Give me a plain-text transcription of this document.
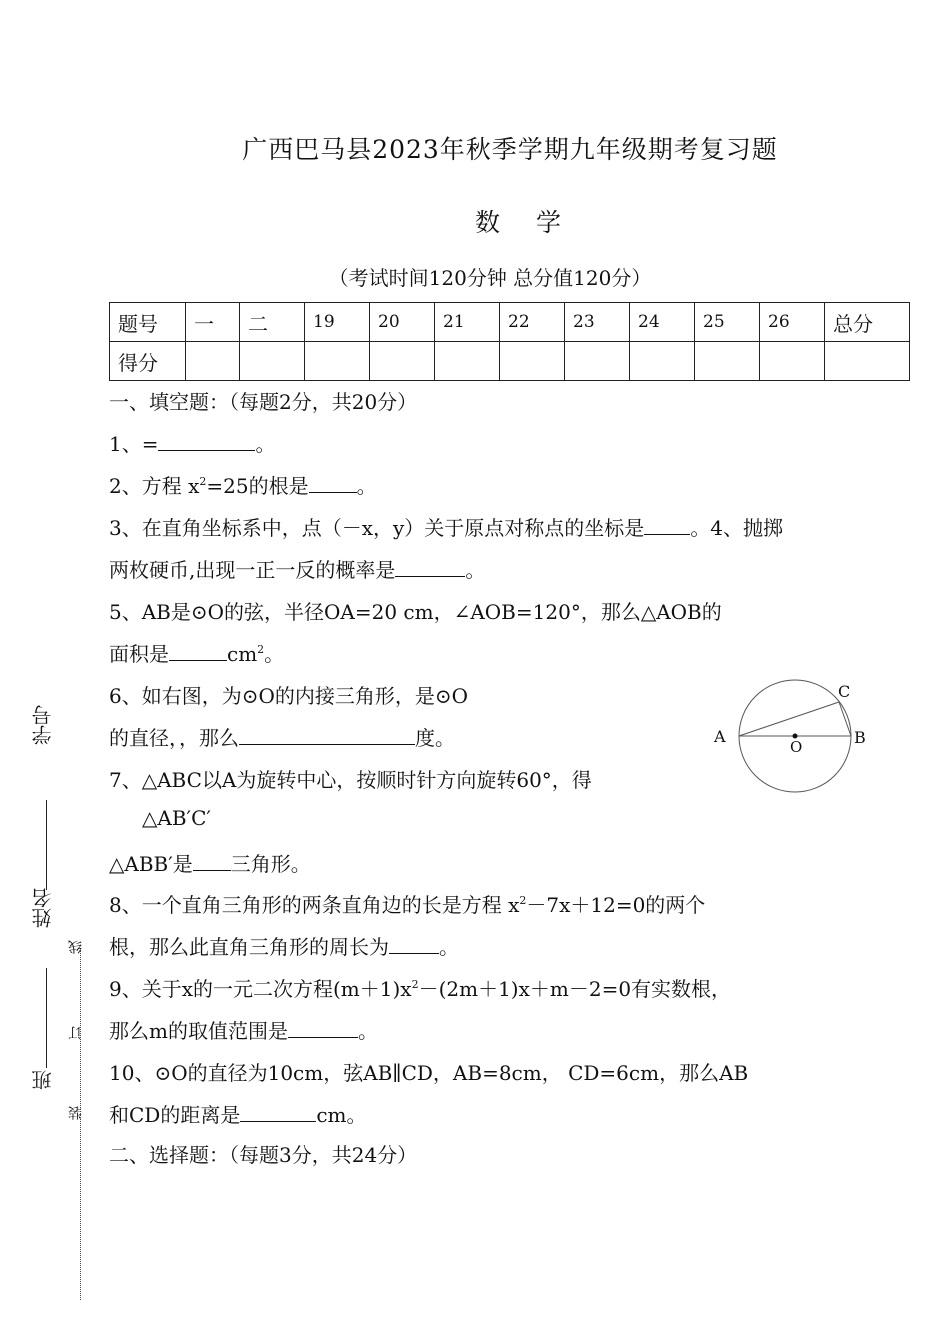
广西巴马县2023年秋季学期九年级期考复习题
数 学
（考试时间120分钟 总分值120分）
题号	一	二	19	20	21	22	23	24	25	26	总分
得分											
一、填空题：（每题2分，共20分）
1、=	。
2、方程 $x^2=25$的根是 。
3、在直角坐标系中，点（－x，y）关于原点对称点的坐标是 。4、抛掷
两枚硬币,出现一正一反的概率是	。
5、AB是⊙O的弦，半径OA=20 cm，∠AOB=120°，那么△AOB的
面积是	$cm^2$。
6、如右图，为⊙O的内接三角形，是⊙O
的直径，，那么	度。
7、△ABC以A为旋转中心，按顺时针方向旋转60°，得
△AB′C′
△ABB′是 三角形。
8、一个直角三角形的两条直角边的长是方程 $x^2-7x+12=0$的两个
根，那么此直角三角形的周长为	。
9、关于x的一元二次方程$(m+1)x^2-(2m+1)x+m-2=0$有实数根，
那么m的取值范围是	。
10、⊙O的直径为10cm，弦AB∥CD，AB=8cm， CD=6cm，那么AB
和CD的距离是	cm。
二、选择题：（每题3分，共24分）
A	B
C
O
学号
姓名
班
线
订
装
